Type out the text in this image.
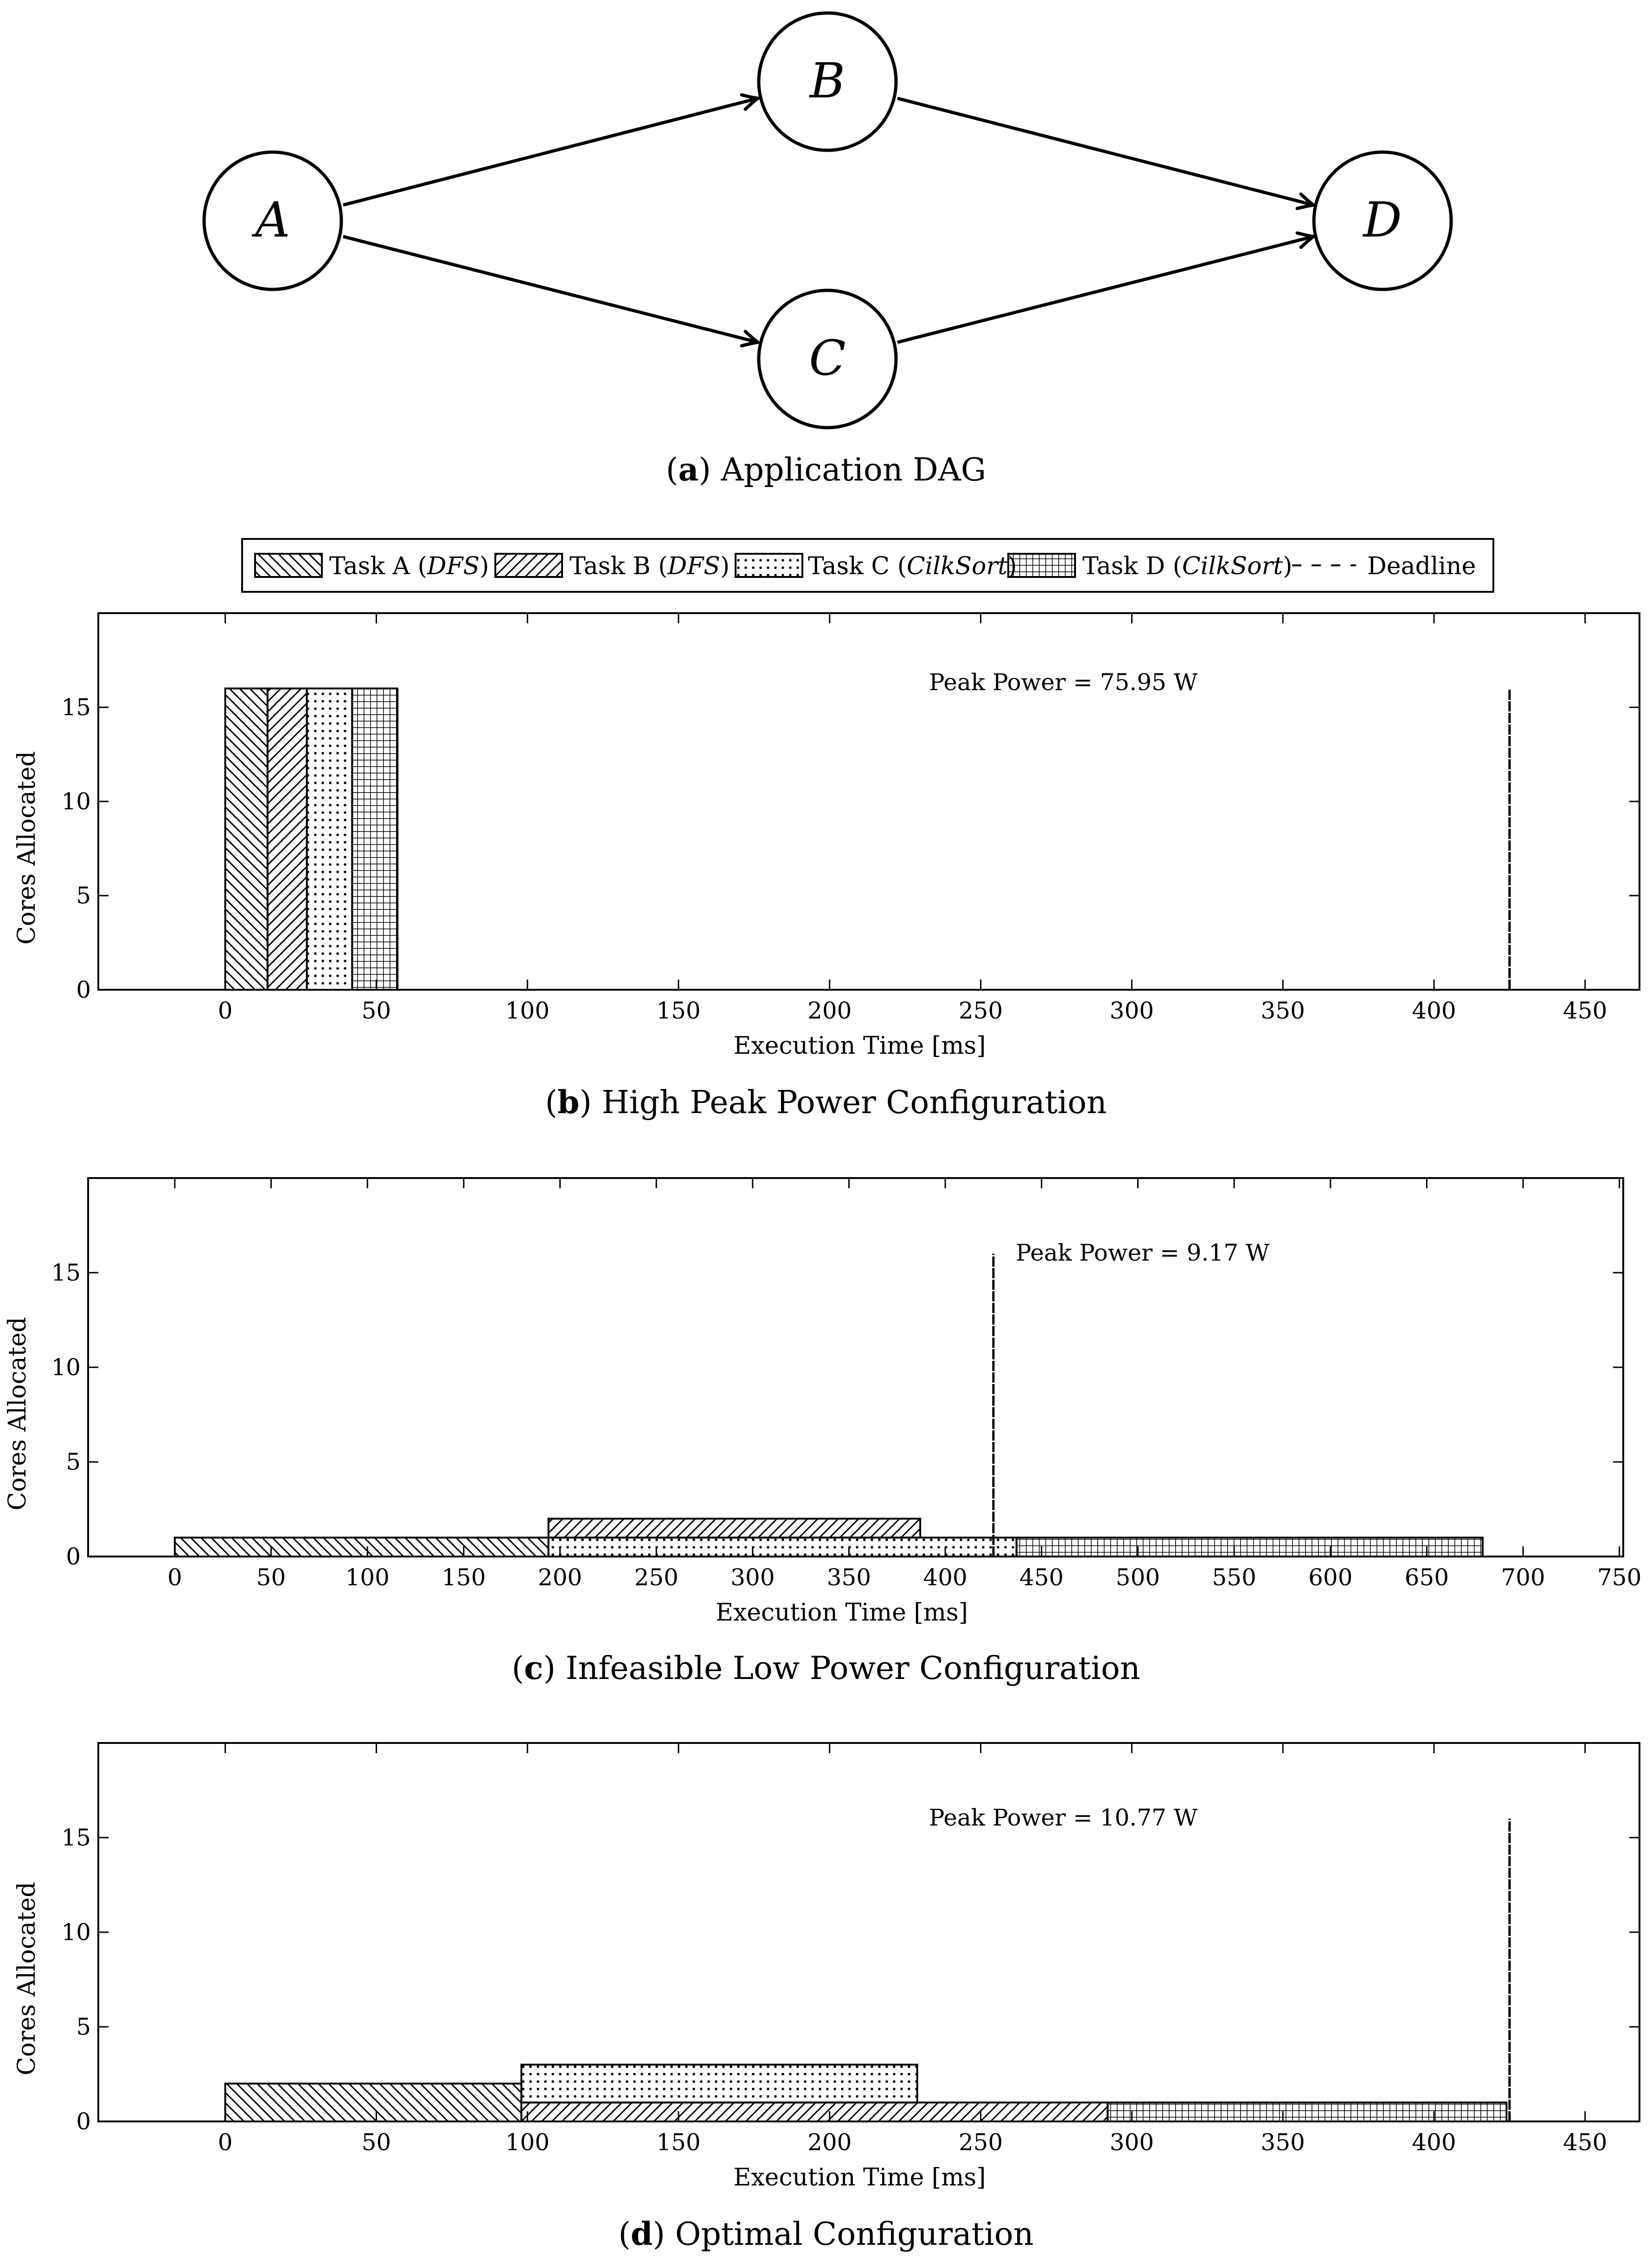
A
B
C
D
(a) Application DAG
Task A (DFS)	Task B (DFS)	Task C (CilkSort	Task D (CilkSort)	Deadline
0	50	100	150	200	250	300	350	400	450
0
5
10
15
Execution Time [ms]
Cores Allocated
Peak Power = 75.95 W
(b) High Peak Power Configuration
0	50	100 150 200 250 300 350 400 450 500 550 600 650 700 750
0
5
10
15
Execution Time [ms]
Cores Allocated
Peak Power = 9.17 W
(c) Infeasible Low Power Configuration
0	50	100	150	200	250	300	350	400	450
0
5
10
15
Execution Time [ms]
Cores Allocated
Peak Power = 10.77 W
(d) Optimal Configuration
